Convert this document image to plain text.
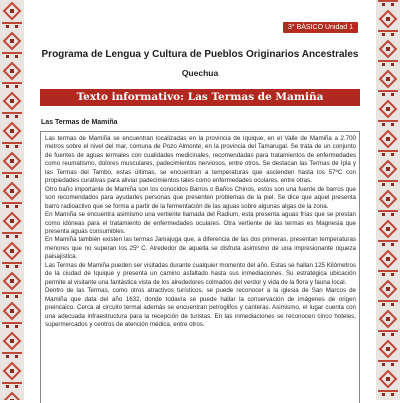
3° BÁSICO Unidad 1
Programa de Lengua y Cultura de Pueblos Originarios Ancestrales
Quechua
Texto informativo: Las Termas de Mamiña
Las Termas de Mamiña

Las termas de Mamiña se encuentran localizadas en la provincia de Iquique, en el Valle de Mamiña a 2.700 metros sobre el nivel del mar, comuna de Pozo Almonte, en la provincia del Tamarugal. Se trata de un conjunto de fuentes de aguas termales con cualidades medicinales, recomendadas para tratamientos de enfermedades como reumatismo, dolores musculares, padecimientos nerviosos, entre otros. Se destacan las Termas de Ipla y las Termas del Tambo, estas últimas, se encuentran a temperaturas que ascienden hasta los 57ºC con propiedades curativas para aliviar padecimientos tales como enfermedades oculares, entre otras.

Otro baño importante de Mamiña son los conocidos Barros o Baños Chinos, estos son una fuente de barros que son recomendados para ayudarles personas que presenten problemas de la piel. Se dice que aquel presenta barro radioactivo que se forma a partir de la fermentación de las aguas sobre algunas algas de la zona.

En Mamiña se encuentra asimismo una vertiente llamada del Radium, esta presenta aguas frías que se prestan como idóneas para el tratamiento de enfermedades oculares. Otra vertiente de las termas es Magnesia que presenta aguas consumibles.

En Mamiña también existen las termas Jamajuga que, a diferencia de las dos primeras, presentan temperaturas menores que no superan los 25º C. Alrededor de aquella se disfruta asimismo de una impresionante riqueza paisajística.

Las Termas de Mamiña pueden ser visitadas durante cualquier momento del año. Estas se hallan 125 Kilómetros de la ciudad de Iquique y presenta un camino asfaltado hasta sus inmediaciones. Su estratégica ubicación permite al visitante una fantástica vista de los alrededores colmados del verdor y vida de la flora y fauna local.

Dentro de las Termas, como otros atractivos turísticos, se puede reconocer a la iglesia de San Marcos de Mamiña que data del año 1632, donde todavía se puede hallar la conservación de imágenes de origen preincaico. Cerca al circuito termal además se encuentran petroglifos y canteras. Asimismo, el lugar cuenta con una adecuada infraestructura para la recepción de turistas. En las inmediaciones se reconocen cinco hoteles, supermercados y centros de atención médica, entre otros.
